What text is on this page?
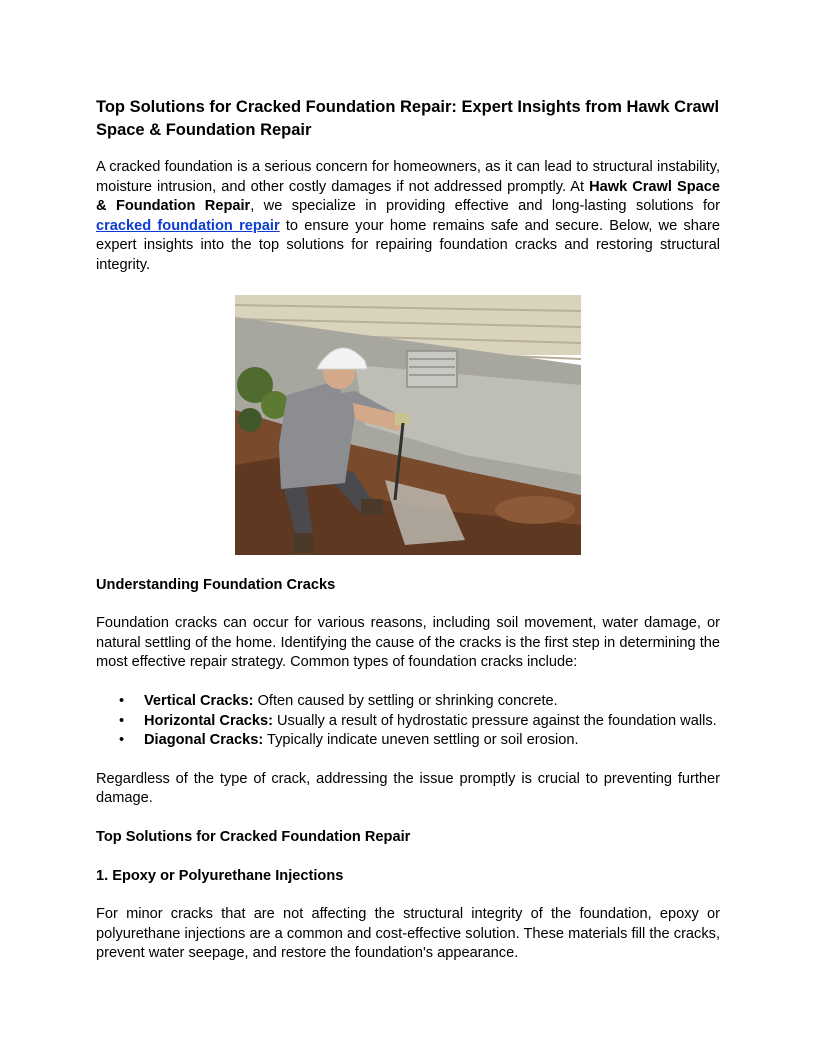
Top Solutions for Cracked Foundation Repair: Expert Insights from Hawk Crawl Space & Foundation Repair

A cracked foundation is a serious concern for homeowners, as it can lead to structural instability, moisture intrusion, and other costly damages if not addressed promptly. At Hawk Crawl Space & Foundation Repair, we specialize in providing effective and long-lasting solutions for cracked foundation repair to ensure your home remains safe and secure. Below, we share expert insights into the top solutions for repairing foundation cracks and restoring structural integrity.

Understanding Foundation Cracks

Foundation cracks can occur for various reasons, including soil movement, water damage, or natural settling of the home. Identifying the cause of the cracks is the first step in determining the most effective repair strategy. Common types of foundation cracks include:

• Vertical Cracks: Often caused by settling or shrinking concrete.
• Horizontal Cracks: Usually a result of hydrostatic pressure against the foundation walls.
• Diagonal Cracks: Typically indicate uneven settling or soil erosion.

Regardless of the type of crack, addressing the issue promptly is crucial to preventing further damage.

Top Solutions for Cracked Foundation Repair
1. Epoxy or Polyurethane Injections

For minor cracks that are not affecting the structural integrity of the foundation, epoxy or polyurethane injections are a common and cost-effective solution. These materials fill the cracks, prevent water seepage, and restore the foundation's appearance.
